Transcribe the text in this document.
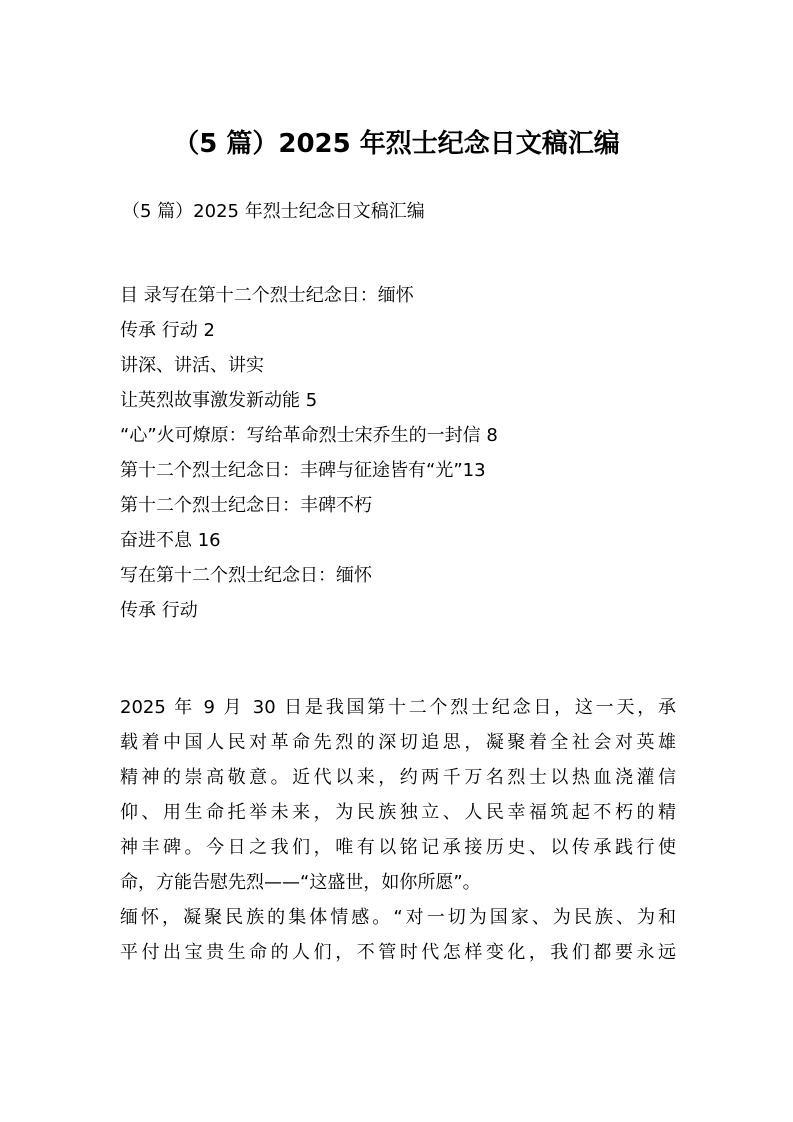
（5 篇）2025 年烈士纪念日文稿汇编
（5 篇）2025 年烈士纪念日文稿汇编
目 录写在第十二个烈士纪念日：缅怀
传承 行动 2
讲深、讲活、讲实
让英烈故事激发新动能 5
“心”火可燎原：写给革命烈士宋乔生的一封信 8
第十二个烈士纪念日：丰碑与征途皆有“光”13
第十二个烈士纪念日：丰碑不朽
奋进不息 16
写在第十二个烈士纪念日：缅怀
传承 行动
2025 年 9 月 30 日是我国第十二个烈士纪念日，这一天，承
载着中国人民对革命先烈的深切追思，凝聚着全社会对英雄
精神的崇高敬意。近代以来，约两千万名烈士以热血浇灌信
仰、用生命托举未来，为民族独立、人民幸福筑起不朽的精
神丰碑。今日之我们，唯有以铭记承接历史、以传承践行使
命，方能告慰先烈——“这盛世，如你所愿”。
缅怀，凝聚民族的集体情感。“对一切为国家、为民族、为和
平付出宝贵生命的人们，不管时代怎样变化，我们都要永远
